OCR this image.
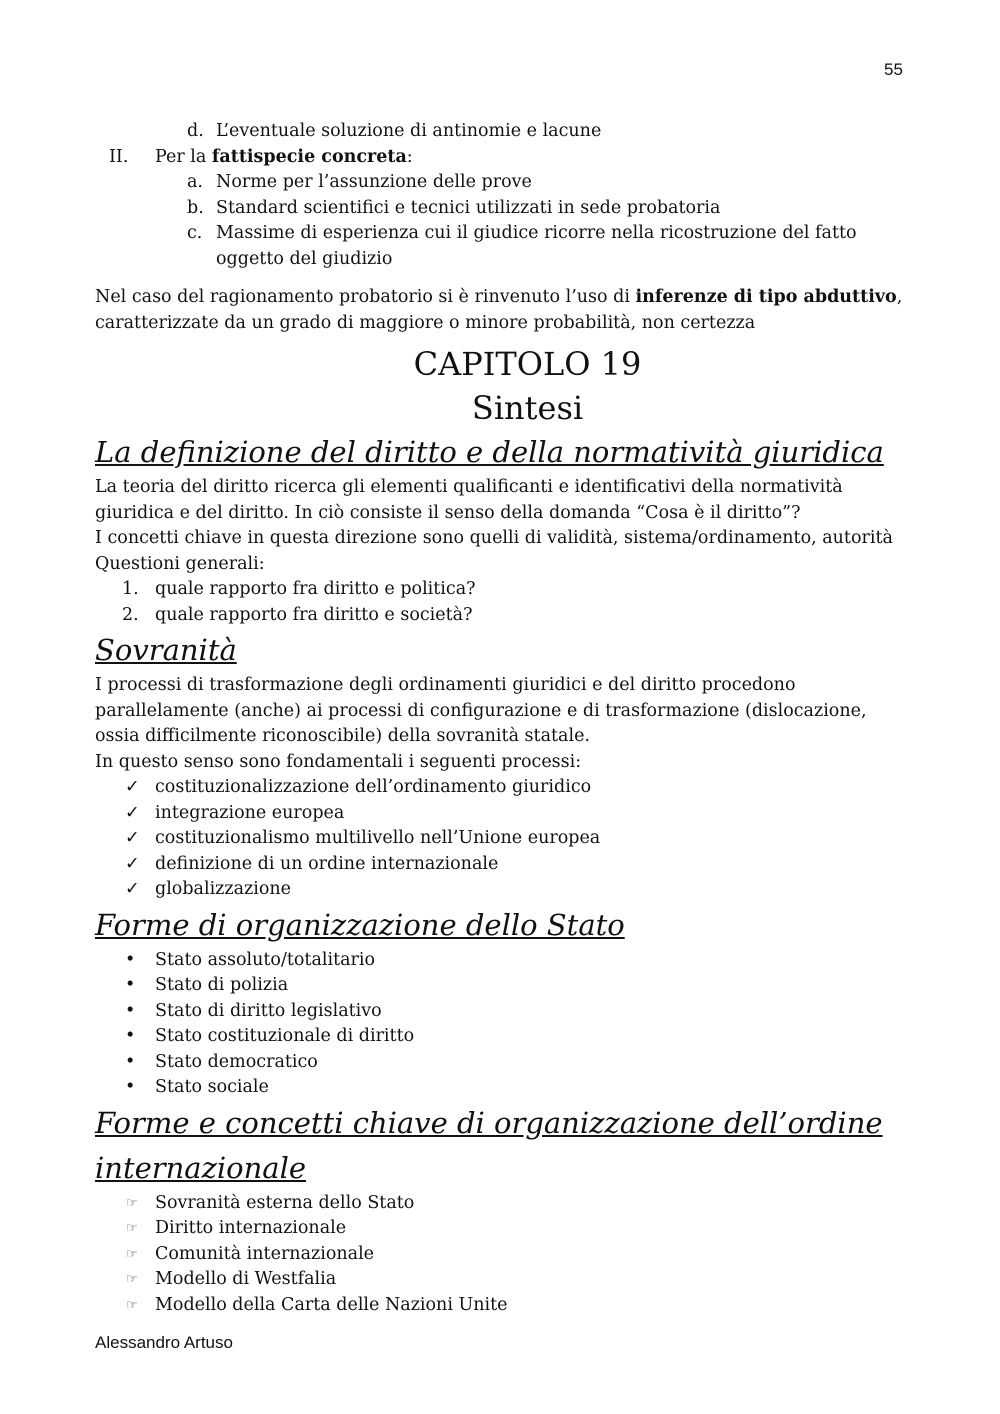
55
d. L’eventuale soluzione di antinomie e lacune
II. Per la fattispecie concreta:
a. Norme per l’assunzione delle prove
b. Standard scientifici e tecnici utilizzati in sede probatoria
c. Massime di esperienza cui il giudice ricorre nella ricostruzione del fatto oggetto del giudizio

Nel caso del ragionamento probatorio si è rinvenuto l’uso di inferenze di tipo abduttivo, caratterizzate da un grado di maggiore o minore probabilità, non certezza

CAPITOLO 19
Sintesi
La definizione del diritto e della normatività giuridica

La teoria del diritto ricerca gli elementi qualificanti e identificativi della normatività giuridica e del diritto. In ciò consiste il senso della domanda “Cosa è il diritto”?

I concetti chiave in questa direzione sono quelli di validità, sistema/ordinamento, autorità

Questioni generali:

1. quale rapporto fra diritto e politica?
2. quale rapporto fra diritto e società?
Sovranità

I processi di trasformazione degli ordinamenti giuridici e del diritto procedono parallelamente (anche) ai processi di configurazione e di trasformazione (dislocazione, ossia difficilmente riconoscibile) della sovranità statale.

In questo senso sono fondamentali i seguenti processi:

✓ costituzionalizzazione dell’ordinamento giuridico
✓ integrazione europea
✓ costituzionalismo multilivello nell’Unione europea
✓ definizione di un ordine internazionale
✓ globalizzazione
Forme di organizzazione dello Stato
• Stato assoluto/totalitario
• Stato di polizia
• Stato di diritto legislativo
• Stato costituzionale di diritto
• Stato democratico
• Stato sociale
Forme e concetti chiave di organizzazione dell’ordine internazionale
☞ Sovranità esterna dello Stato
☞ Diritto internazionale
☞ Comunità internazionale
☞ Modello di Westfalia
☞ Modello della Carta delle Nazioni Unite
Alessandro Artuso
